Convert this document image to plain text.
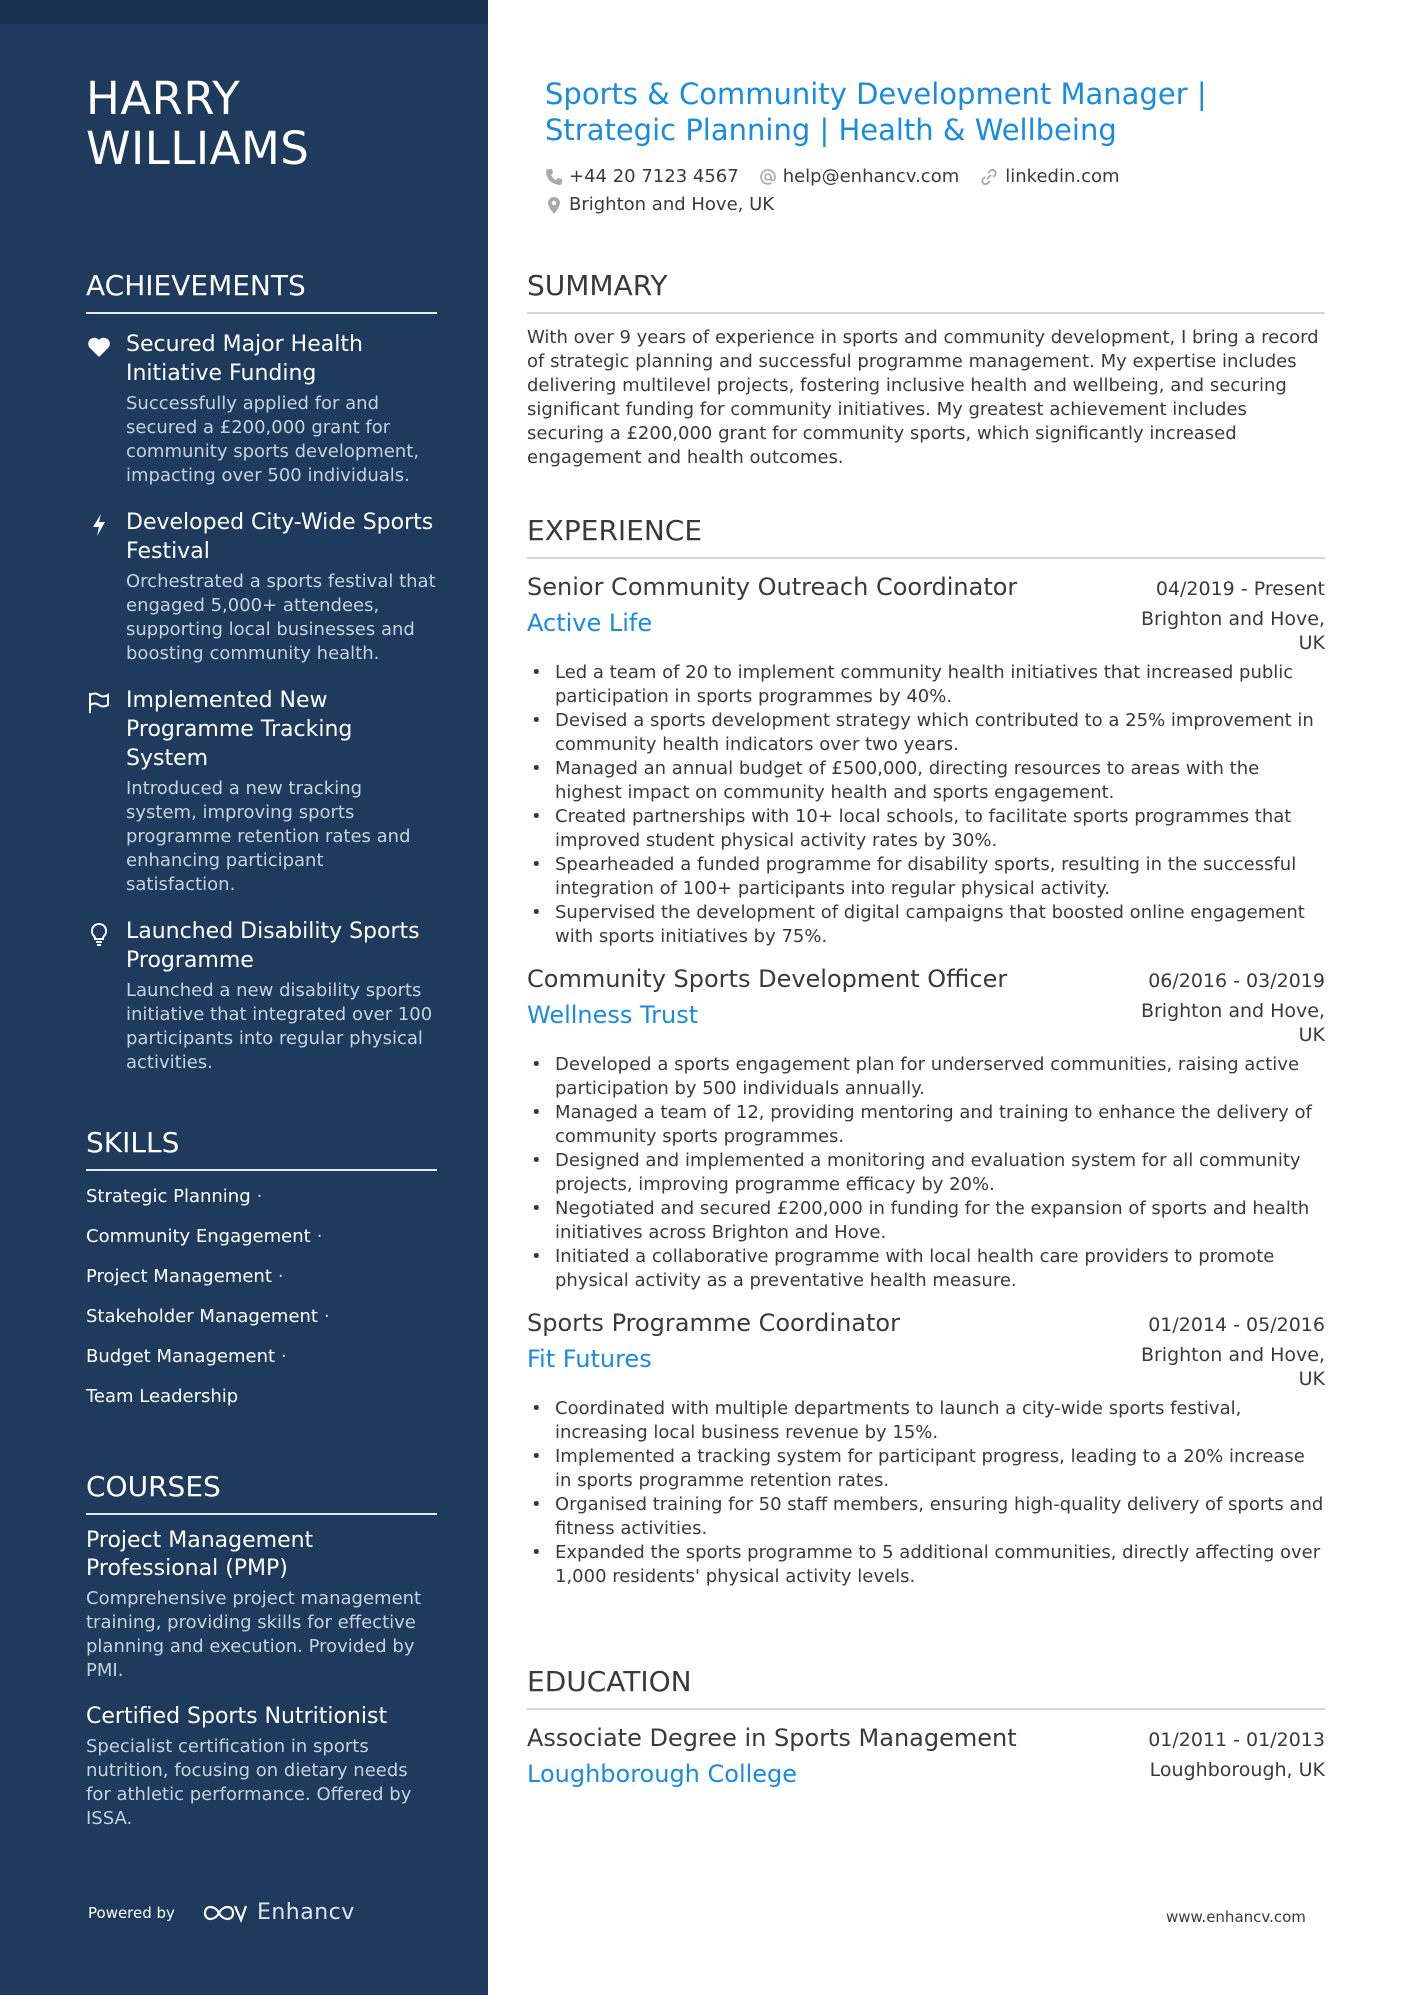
HARRY WILLIAMS
ACHIEVEMENTS
Secured Major Health Initiative Funding
Successfully applied for and secured a £200,000 grant for community sports development, impacting over 500 individuals.
Developed City-Wide Sports Festival
Orchestrated a sports festival that engaged 5,000+ attendees, supporting local businesses and boosting community health.
Implemented New Programme Tracking System
Introduced a new tracking system, improving sports programme retention rates and enhancing participant satisfaction.
Launched Disability Sports Programme
Launched a new disability sports initiative that integrated over 100 participants into regular physical activities.
SKILLS
Strategic Planning ·
Community Engagement ·
Project Management ·
Stakeholder Management ·
Budget Management ·
Team Leadership
COURSES
Project Management Professional (PMP)
Comprehensive project management training, providing skills for effective planning and execution. Provided by PMI.
Certified Sports Nutritionist
Specialist certification in sports nutrition, focusing on dietary needs for athletic performance. Offered by ISSA.
Powered by	Enhancv
Sports & Community Development Manager | Strategic Planning | Health & Wellbeing
+44 20 7123 4567 help@enhancv.com	linkedin.com
Brighton and Hove, UK
SUMMARY
With over 9 years of experience in sports and community development, I bring a record of strategic planning and successful programme management. My expertise includes delivering multilevel projects, fostering inclusive health and wellbeing, and securing significant funding for community initiatives. My greatest achievement includes securing a £200,000 grant for community sports, which significantly increased engagement and health outcomes.
EXPERIENCE
Senior Community Outreach Coordinator	04/2019 - Present
Active Life	Brighton and Hove, UK
• Led a team of 20 to implement community health initiatives that increased public participation in sports programmes by 40%.
• Devised a sports development strategy which contributed to a 25% improvement in community health indicators over two years.
• Managed an annual budget of £500,000, directing resources to areas with the highest impact on community health and sports engagement.
• Created partnerships with 10+ local schools, to facilitate sports programmes that improved student physical activity rates by 30%.
• Spearheaded a funded programme for disability sports, resulting in the successful integration of 100+ participants into regular physical activity.
• Supervised the development of digital campaigns that boosted online engagement with sports initiatives by 75%.
Community Sports Development Officer	06/2016 - 03/2019
Wellness Trust	Brighton and Hove, UK
• Developed a sports engagement plan for underserved communities, raising active participation by 500 individuals annually.
• Managed a team of 12, providing mentoring and training to enhance the delivery of community sports programmes.
• Designed and implemented a monitoring and evaluation system for all community projects, improving programme efficacy by 20%.
• Negotiated and secured £200,000 in funding for the expansion of sports and health initiatives across Brighton and Hove.
• Initiated a collaborative programme with local health care providers to promote physical activity as a preventative health measure.
Sports Programme Coordinator	01/2014 - 05/2016
Fit Futures	Brighton and Hove, UK
• Coordinated with multiple departments to launch a city-wide sports festival, increasing local business revenue by 15%.
• Implemented a tracking system for participant progress, leading to a 20% increase in sports programme retention rates.
• Organised training for 50 staff members, ensuring high-quality delivery of sports and fitness activities.
• Expanded the sports programme to 5 additional communities, directly affecting over 1,000 residents' physical activity levels.
EDUCATION
Associate Degree in Sports Management	01/2011 - 01/2013
Loughborough College	Loughborough, UK
www.enhancv.com
